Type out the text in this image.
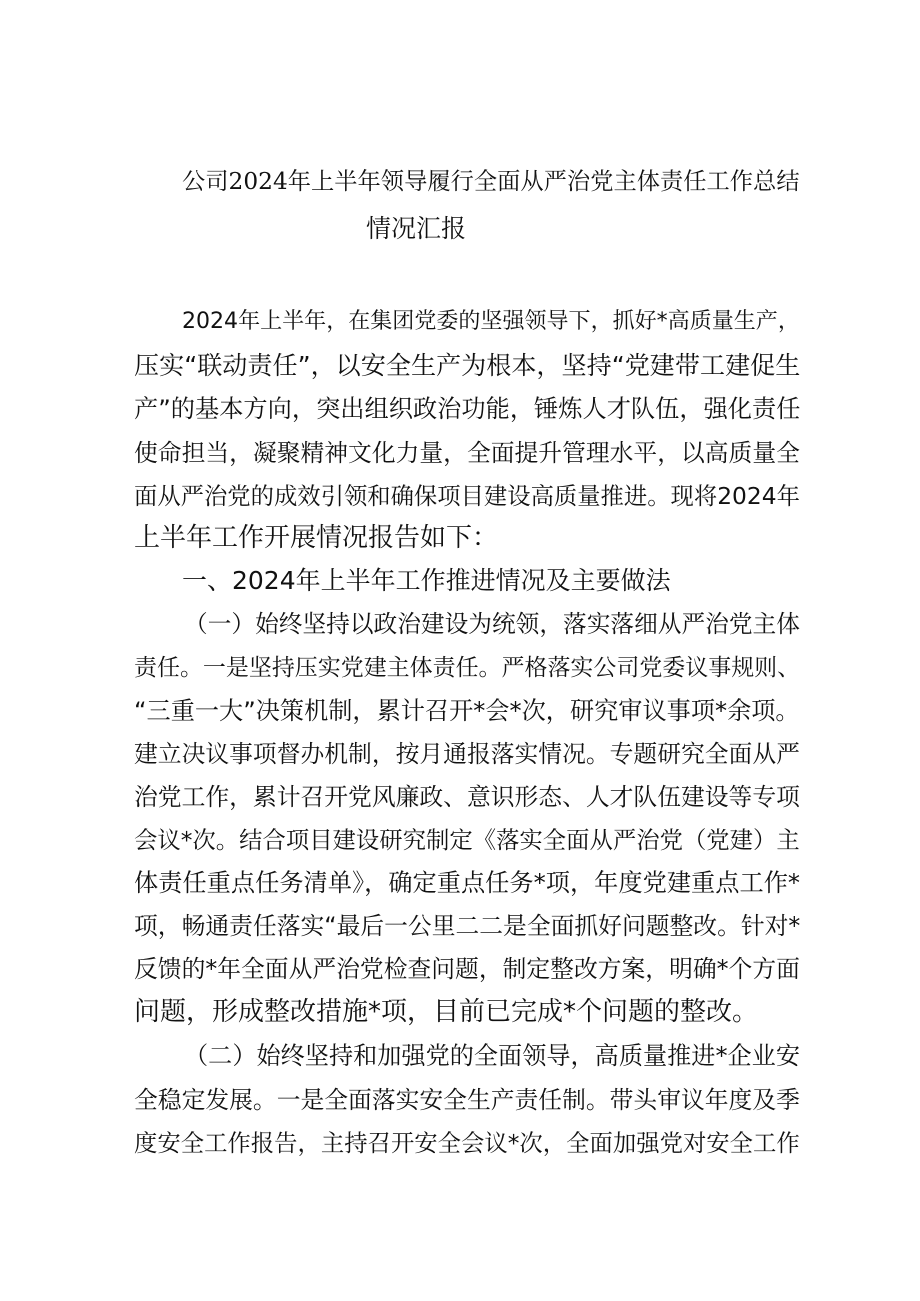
公司2024年上半年领导履行全面从严治党主体责任工作总结
情况汇报
2024年上半年，在集团党委的坚强领导下，抓好*高质量生产，
压实“联动责任”，以安全生产为根本，坚持“党建带工建促生
产”的基本方向，突出组织政治功能，锤炼人才队伍，强化责任
使命担当，凝聚精神文化力量，全面提升管理水平，以高质量全
面从严治党的成效引领和确保项目建设高质量推进。现将2024年
上半年工作开展情况报告如下：
一、2024年上半年工作推进情况及主要做法
（一）始终坚持以政治建设为统领，落实落细从严治党主体
责任。一是坚持压实党建主体责任。严格落实公司党委议事规则、
“三重一大”决策机制，累计召开*会*次，研究审议事项*余项。
建立决议事项督办机制，按月通报落实情况。专题研究全面从严
治党工作，累计召开党风廉政、意识形态、人才队伍建设等专项
会议*次。结合项目建设研究制定《落实全面从严治党（党建）主
体责任重点任务清单》，确定重点任务*项，年度党建重点工作*
项，畅通责任落实“最后一公里二二是全面抓好问题整改。针对*
反馈的*年全面从严治党检查问题，制定整改方案，明确*个方面
问题，形成整改措施*项，目前已完成*个问题的整改。
（二）始终坚持和加强党的全面领导，高质量推进*企业安
全稳定发展。一是全面落实安全生产责任制。带头审议年度及季
度安全工作报告，主持召开安全会议*次，全面加强党对安全工作
